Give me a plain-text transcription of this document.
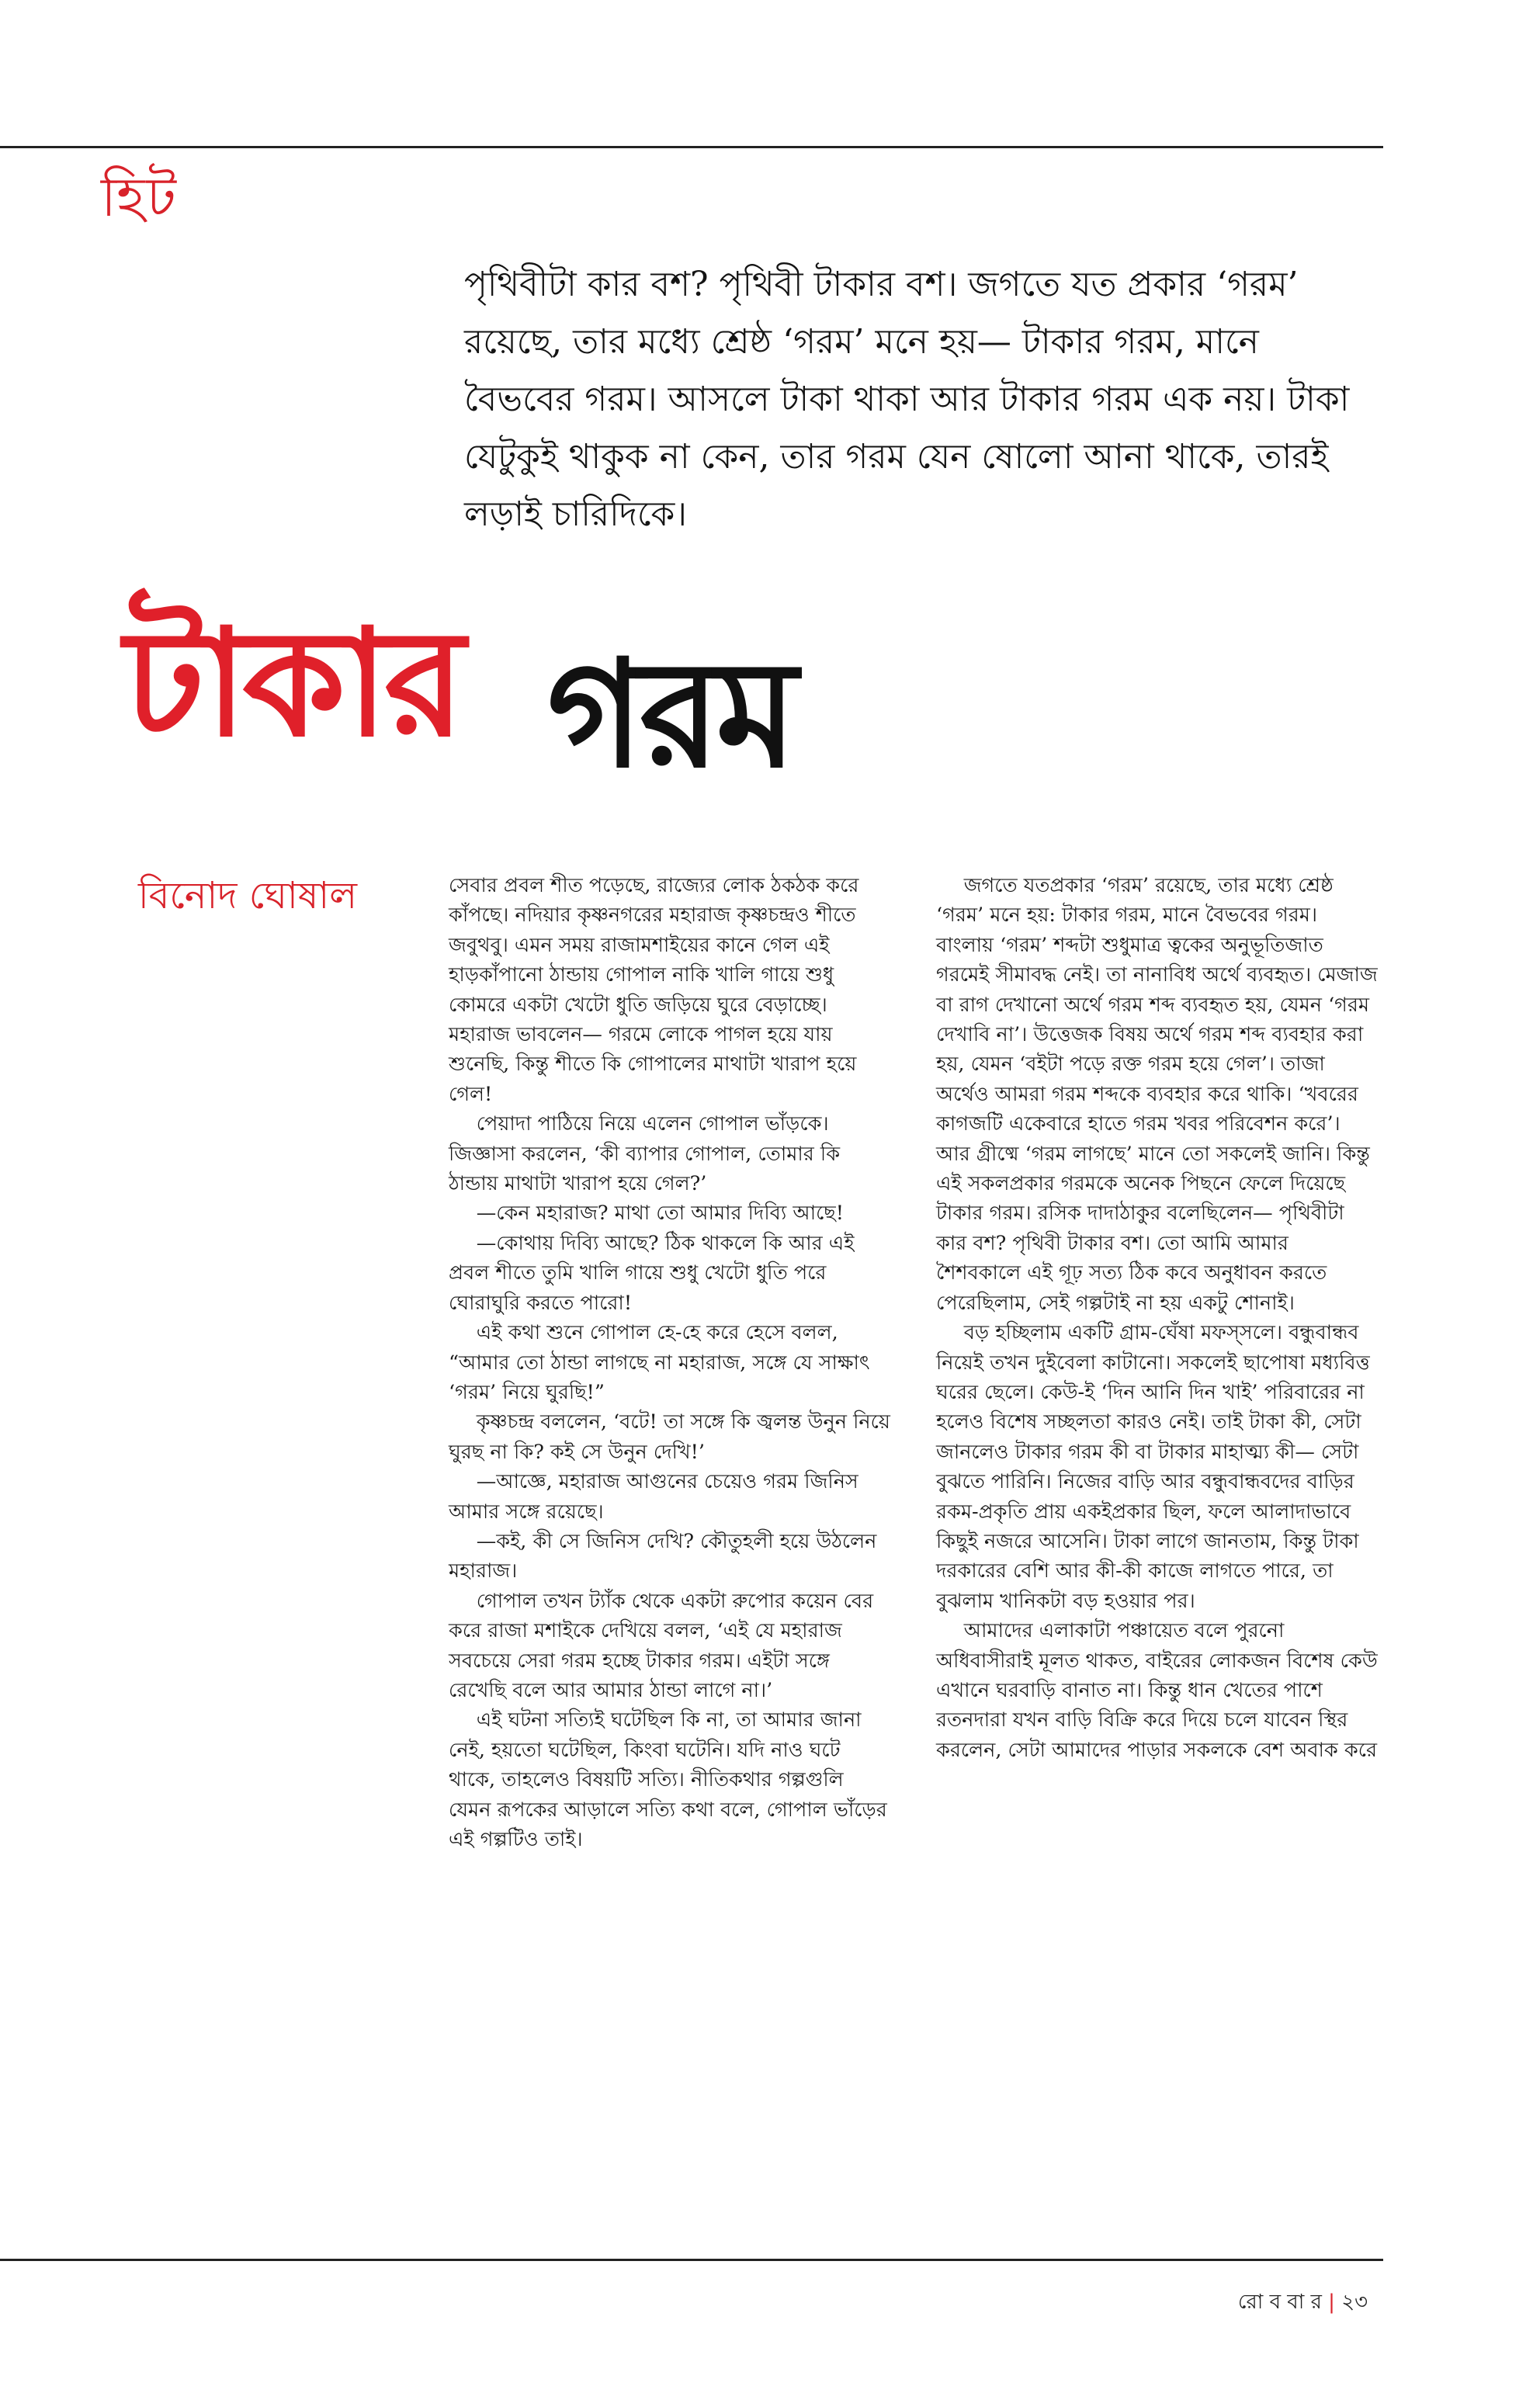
হিট
পৃথিবীটা কার বশ? পৃথিবী টাকার বশ। জগতে যত প্রকার ‘গরম’ রয়েছে, তার মধ্যে শ্রেষ্ঠ ‘গরম’ মনে হয়— টাকার গরম, মানে বৈভবের গরম। আসলে টাকা থাকা আর টাকার গরম এক নয়। টাকা যেটুকুই থাকুক না কেন, তার গরম যেন ষোলো আনা থাকে, তারই লড়াই চারিদিকে।
টাকার গরম
বিনোদ ঘোষাল	সেবার প্রবল শীত পড়েছে, রাজ্যের লোক ঠকঠক করে কাঁপছে। নদিয়ার কৃষ্ণনগরের মহারাজ কৃষ্ণচন্দ্রও শীতে জবুথবু। এমন সময় রাজামশাইয়ের কানে গেল এই হাড়কাঁপানো ঠান্ডায় গোপাল নাকি খালি গায়ে শুধু কোমরে একটা খেটো ধুতি জড়িয়ে ঘুরে বেড়াচ্ছে। মহারাজ ভাবলেন— গরমে লোকে পাগল হয়ে যায় শুনেছি, কিন্তু শীতে কি গোপালের মাথাটা খারাপ হয়ে গেল!

পেয়াদা পাঠিয়ে নিয়ে এলেন গোপাল ভাঁড়কে। জিজ্ঞাসা করলেন, ‘কী ব্যাপার গোপাল, তোমার কি ঠান্ডায় মাথাটা খারাপ হয়ে গেল?’

—কেন মহারাজ? মাথা তো আমার দিব্যি আছে!

—কোথায় দিব্যি আছে? ঠিক থাকলে কি আর এই প্রবল শীতে তুমি খালি গায়ে শুধু খেটো ধুতি পরে ঘোরাঘুরি করতে পারো!

এই কথা শুনে গোপাল হে-হে করে হেসে বলল, “আমার তো ঠান্ডা লাগছে না মহারাজ, সঙ্গে যে সাক্ষাৎ ‘গরম’ নিয়ে ঘুরছি!”

কৃষ্ণচন্দ্র বললেন, ‘বটে! তা সঙ্গে কি জ্বলন্ত উনুন নিয়ে ঘুরছ না কি? কই সে উনুন দেখি!’

—আজ্ঞে, মহারাজ আগুনের চেয়েও গরম জিনিস আমার সঙ্গে রয়েছে।

—কই, কী সে জিনিস দেখি? কৌতুহলী হয়ে উঠলেন মহারাজ।

গোপাল তখন ট্যাঁক থেকে একটা রুপোর কয়েন বের করে রাজা মশাইকে দেখিয়ে বলল, ‘এই যে মহারাজ সবচেয়ে সেরা গরম হচ্ছে টাকার গরম। এইটা সঙ্গে রেখেছি বলে আর আমার ঠান্ডা লাগে না।’

এই ঘটনা সত্যিই ঘটেছিল কি না, তা আমার জানা নেই, হয়তো ঘটেছিল, কিংবা ঘটেনি। যদি নাও ঘটে থাকে, তাহলেও বিষয়টি সত্যি। নীতিকথার গল্পগুলি যেমন রূপকের আড়ালে সত্যি কথা বলে, গোপাল ভাঁড়ের এই গল্পটিও তাই।

জগতে যতপ্রকার ‘গরম’ রয়েছে, তার মধ্যে শ্রেষ্ঠ ‘গরম’ মনে হয়: টাকার গরম, মানে বৈভবের গরম। বাংলায় ‘গরম’ শব্দটা শুধুমাত্র ত্বকের অনুভূতিজাত গরমেই সীমাবদ্ধ নেই। তা নানাবিধ অর্থে ব্যবহৃত। মেজাজ বা রাগ দেখানো অর্থে গরম শব্দ ব্যবহৃত হয়, যেমন ‘গরম দেখাবি না’। উত্তেজক বিষয় অর্থে গরম শব্দ ব্যবহার করা হয়, যেমন ‘বইটা পড়ে রক্ত গরম হয়ে গেল’। তাজা অর্থেও আমরা গরম শব্দকে ব্যবহার করে থাকি। ‘খবরের কাগজটি একেবারে হাতে গরম খবর পরিবেশন করে’। আর গ্রীষ্মে ‘গরম লাগছে’ মানে তো সকলেই জানি। কিন্তু এই সকলপ্রকার গরমকে অনেক পিছনে ফেলে দিয়েছে টাকার গরম। রসিক দাদাঠাকুর বলেছিলেন— পৃথিবীটা কার বশ? পৃথিবী টাকার বশ। তো আমি আমার শৈশবকালে এই গূঢ় সত্য ঠিক কবে অনুধাবন করতে পেরেছিলাম, সেই গল্পটাই না হয় একটু শোনাই।

বড় হচ্ছিলাম একটি গ্রাম-ঘেঁষা মফস্সলে। বন্ধুবান্ধব নিয়েই তখন দুইবেলা কাটানো। সকলেই ছাপোষা মধ্যবিত্ত ঘরের ছেলে। কেউ-ই ‘দিন আনি দিন খাই’ পরিবারের না হলেও বিশেষ সচ্ছলতা কারও নেই। তাই টাকা কী, সেটা জানলেও টাকার গরম কী বা টাকার মাহাত্ম্য কী— সেটা বুঝতে পারিনি। নিজের বাড়ি আর বন্ধুবান্ধবদের বাড়ির রকম-প্রকৃতি প্রায় একইপ্রকার ছিল, ফলে আলাদাভাবে কিছুই নজরে আসেনি। টাকা লাগে জানতাম, কিন্তু টাকা দরকারের বেশি আর কী-কী কাজে লাগতে পারে, তা বুঝলাম খানিকটা বড় হওয়ার পর।

আমাদের এলাকাটা পঞ্চায়েত বলে পুরনো অধিবাসীরাই মূলত থাকত, বাইরের লোকজন বিশেষ কেউ এখানে ঘরবাড়ি বানাত না। কিন্তু ধান খেতের পাশে রতনদারা যখন বাড়ি বিক্রি করে দিয়ে চলে যাবেন স্থির করলেন, সেটা আমাদের পাড়ার সকলকে বেশ অবাক করে

রো ব বা র | ২৩
